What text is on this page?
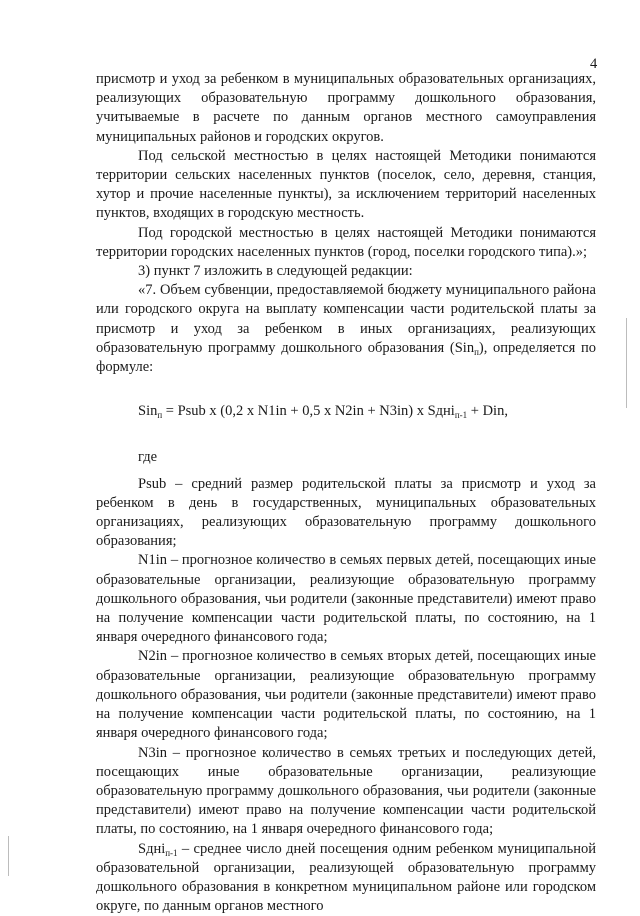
4

присмотр и уход за ребенком в муниципальных образовательных организациях, реализующих образовательную программу дошкольного образования, учитываемые в расчете по данным органов местного самоуправления муниципальных районов и городских округов.

Под сельской местностью в целях настоящей Методики понимаются территории сельских населенных пунктов (поселок, село, деревня, станция, хутор и прочие населенные пункты), за исключением территорий населенных пунктов, входящих в городскую местность.

Под городской местностью в целях настоящей Методики понимаются территории городских населенных пунктов (город, поселки городского типа).»;

3) пункт 7 изложить в следующей редакции:

«7. Объем субвенции, предоставляемой бюджету муниципального района или городского округа на выплату компенсации части родительской платы за присмотр и уход за ребенком в иных организациях, реализующих образовательную программу дошкольного образования (Sin$_п$), определяется по формуле:

Sin$_п$ = Psub x (0,2 x N1in + 0,5 x N2in + N3in) x Sдні$_{п-1}$ + Din,

где

Psub – средний размер родительской платы за присмотр и уход за ребенком в день в государственных, муниципальных образовательных организациях, реализующих образовательную программу дошкольного образования;

N1in – прогнозное количество в семьях первых детей, посещающих иные образовательные организации, реализующие образовательную программу дошкольного образования, чьи родители (законные представители) имеют право на получение компенсации части родительской платы, по состоянию, на 1 января очередного финансового года;

N2in – прогнозное количество в семьях вторых детей, посещающих иные образовательные организации, реализующие образовательную программу дошкольного образования, чьи родители (законные представители) имеют право на получение компенсации части родительской платы, по состоянию, на 1 января очередного финансового года;

N3in – прогнозное количество в семьях третьих и последующих детей, посещающих иные образовательные организации, реализующие образовательную программу дошкольного образования, чьи родители (законные представители) имеют право на получение компенсации части родительской платы, по состоянию, на 1 января очередного финансового года;

Sдні$_{п-1}$ – среднее число дней посещения одним ребенком муниципальной образовательной организации, реализующей образовательную программу дошкольного образования в конкретном муниципальном районе или городском округе, по данным органов местного
